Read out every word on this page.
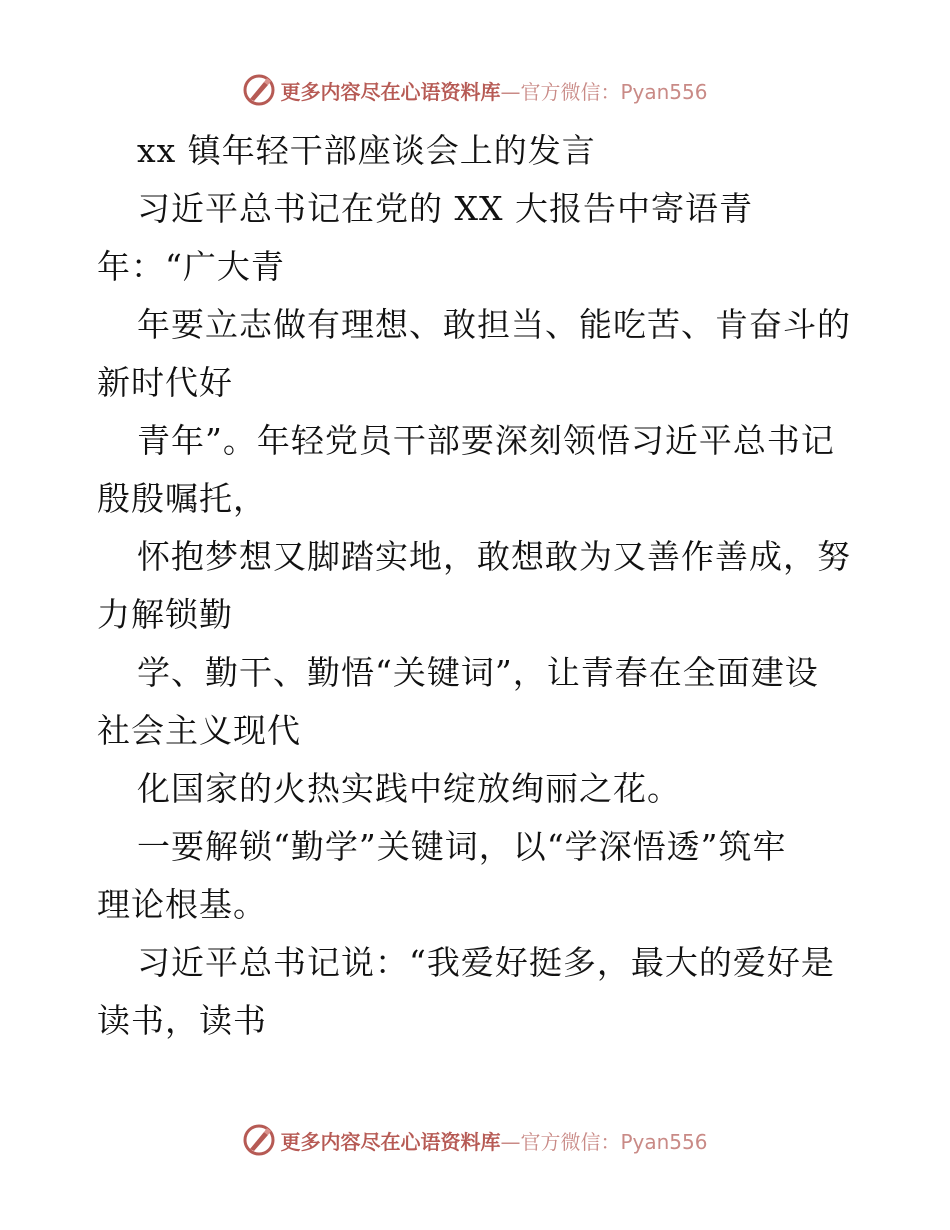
更多内容尽在心语资料库—官方微信：Pyan556
xx 镇年轻干部座谈会上的发言
习近平总书记在党的 XX 大报告中寄语青
年：“广大青
年要立志做有理想、敢担当、能吃苦、肯奋斗的
新时代好
青年”。年轻党员干部要深刻领悟习近平总书记
殷殷嘱托，
怀抱梦想又脚踏实地，敢想敢为又善作善成，努
力解锁勤
学、勤干、勤悟“关键词”，让青春在全面建设
社会主义现代
化国家的火热实践中绽放绚丽之花。
一要解锁“勤学”关键词，以“学深悟透”筑牢
理论根基。
习近平总书记说：“我爱好挺多，最大的爱好是
读书，读书
更多内容尽在心语资料库—官方微信：Pyan556
